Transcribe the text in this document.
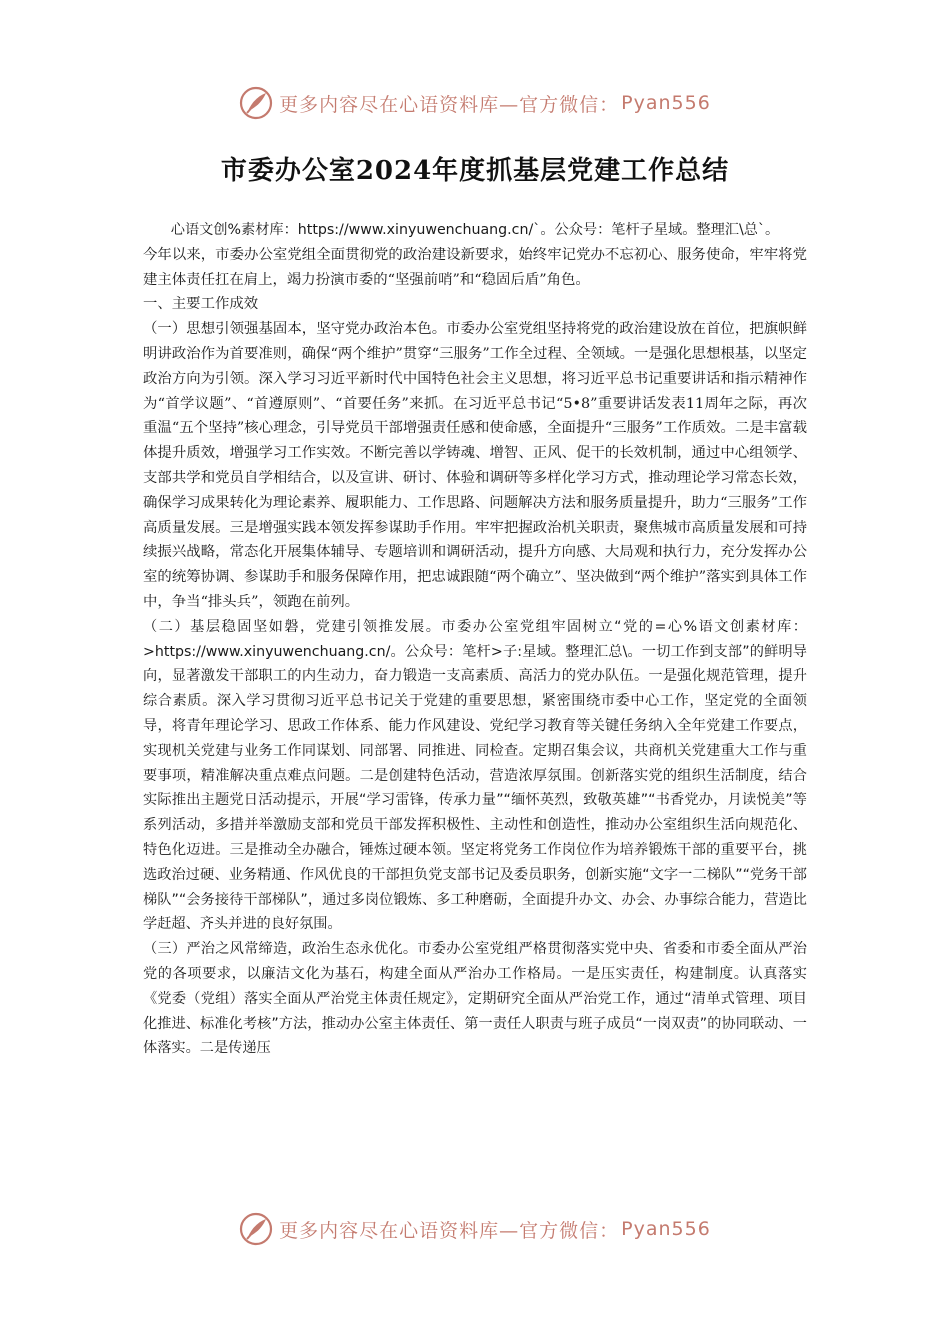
更多内容尽在心语资料库—官方微信： Pyan556
市委办公室2024年度抓基层党建工作总结

心语文创%素材库：https://www.xinyuwenchuang.cn/`。公众号：笔杆子星域。整理汇\总`。

今年以来，市委办公室党组全面贯彻党的政治建设新要求，始终牢记党办不忘初心、服务使命，牢牢将党建主体责任扛在肩上，竭力扮演市委的“坚强前哨”和“稳固后盾”角色。

一、主要工作成效

（一）思想引领强基固本，坚守党办政治本色。市委办公室党组坚持将党的政治建设放在首位，把旗帜鲜明讲政治作为首要准则，确保“两个维护”贯穿“三服务”工作全过程、全领域。一是强化思想根基，以坚定政治方向为引领。深入学习习近平新时代中国特色社会主义思想，将习近平总书记重要讲话和指示精神作为“首学议题”、“首遵原则”、“首要任务”来抓。在习近平总书记“5•8”重要讲话发表11周年之际，再次重温“五个坚持”核心理念，引导党员干部增强责任感和使命感，全面提升“三服务”工作质效。二是丰富载体提升质效，增强学习工作实效。不断完善以学铸魂、增智、正风、促干的长效机制，通过中心组领学、支部共学和党员自学相结合，以及宣讲、研讨、体验和调研等多样化学习方式，推动理论学习常态长效，确保学习成果转化为理论素养、履职能力、工作思路、问题解决方法和服务质量提升，助力“三服务”工作高质量发展。三是增强实践本领发挥参谋助手作用。牢牢把握政治机关职责，聚焦城市高质量发展和可持续振兴战略，常态化开展集体辅导、专题培训和调研活动，提升方向感、大局观和执行力，充分发挥办公室的统筹协调、参谋助手和服务保障作用，把忠诚跟随“两个确立”、坚决做到“两个维护”落实到具体工作中，争当“排头兵”，领跑在前列。

（二）基层稳固坚如磐，党建引领推发展。市委办公室党组牢固树立“党的=心%语文创素材库：>https://www.xinyuwenchuang.cn/。公众号：笔杆>子:星域。整理汇总\。一切工作到支部”的鲜明导向，显著激发干部职工的内生动力，奋力锻造一支高素质、高活力的党办队伍。一是强化规范管理，提升综合素质。深入学习贯彻习近平总书记关于党建的重要思想，紧密围绕市委中心工作，坚定党的全面领导，将青年理论学习、思政工作体系、能力作风建设、党纪学习教育等关键任务纳入全年党建工作要点，实现机关党建与业务工作同谋划、同部署、同推进、同检查。定期召集会议，共商机关党建重大工作与重要事项，精准解决重点难点问题。二是创建特色活动，营造浓厚氛围。创新落实党的组织生活制度，结合实际推出主题党日活动提示，开展“学习雷锋，传承力量”“缅怀英烈，致敬英雄”“书香党办，月读悦美”等系列活动，多措并举激励支部和党员干部发挥积极性、主动性和创造性，推动办公室组织生活向规范化、特色化迈进。三是推动全办融合，锤炼过硬本领。坚定将党务工作岗位作为培养锻炼干部的重要平台，挑选政治过硬、业务精通、作风优良的干部担负党支部书记及委员职务，创新实施“文字一二梯队”“党务干部梯队”“会务接待干部梯队”，通过多岗位锻炼、多工种磨砺，全面提升办文、办会、办事综合能力，营造比学赶超、齐头并进的良好氛围。

（三）严治之风常缔造，政治生态永优化。市委办公室党组严格贯彻落实党中央、省委和市委全面从严治党的各项要求，以廉洁文化为基石，构建全面从严治办工作格局。一是压实责任，构建制度。认真落实《党委（党组）落实全面从严治党主体责任规定》，定期研究全面从严治党工作，通过“清单式管理、项目化推进、标准化考核”方法，推动办公室主体责任、第一责任人职责与班子成员“一岗双责”的协同联动、一体落实。二是传递压

更多内容尽在心语资料库—官方微信： Pyan556
